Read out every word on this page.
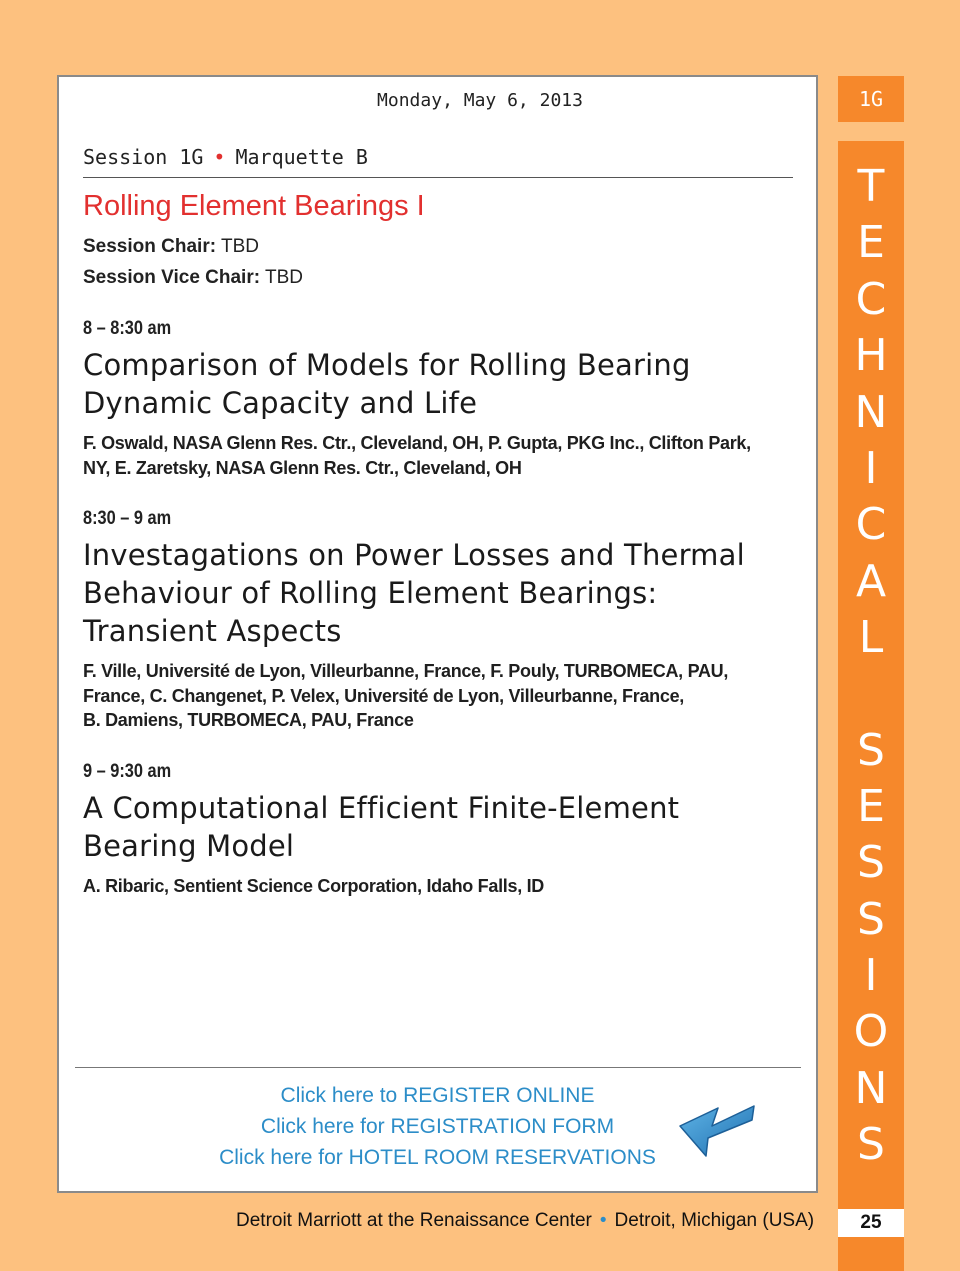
Monday, May 6, 2013
Session 1G • Marquette B
Rolling Element Bearings I
Session Chair: TBD
Session Vice Chair: TBD
8 – 8:30 am
Comparison of Models for Rolling Bearing
Dynamic Capacity and Life
F. Oswald, NASA Glenn Res. Ctr., Cleveland, OH, P. Gupta, PKG Inc., Clifton Park,
NY, E. Zaretsky, NASA Glenn Res. Ctr., Cleveland, OH
8:30 – 9 am
Investagations on Power Losses and Thermal
Behaviour of Rolling Element Bearings:
Transient Aspects
F. Ville, Université de Lyon, Villeurbanne, France, F. Pouly, TURBOMECA, PAU,
France, C. Changenet, P. Velex, Université de Lyon, Villeurbanne, France,
B. Damiens, TURBOMECA, PAU, France
9 – 9:30 am
A Computational Efficient Finite-Element
Bearing Model
A. Ribaric, Sentient Science Corporation, Idaho Falls, ID
Click here to REGISTER ONLINE
Click here for REGISTRATION FORM
Click here for HOTEL ROOM RESERVATIONS
Detroit Marriott at the Renaissance Center • Detroit, Michigan (USA)
1G
T
E
C
H
N
I
C
A
L
S
E
S
S
I
O
N
S
25
